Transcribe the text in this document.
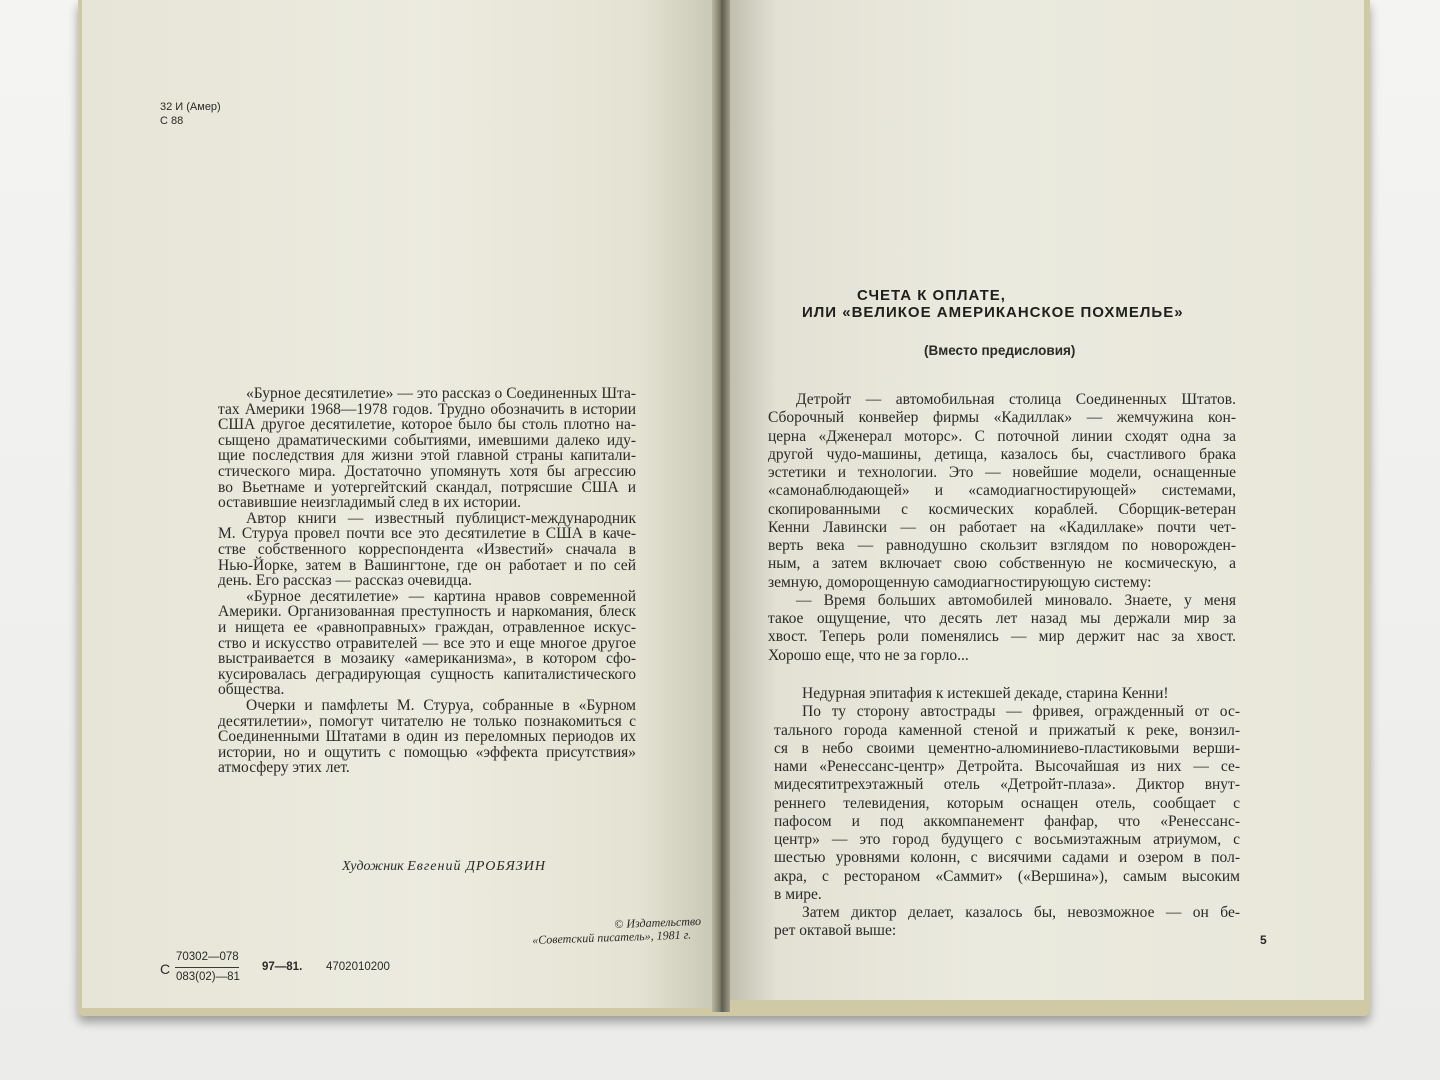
32 И (Амер)
С 88
«Бурное десятилетие» — это рассказ о Соединенных Шта-
тах Америки 1968—1978 годов. Трудно обозначить в истории
США другое десятилетие, которое было бы столь плотно на-
сыщено драматическими событиями, имевшими далеко иду-
щие последствия для жизни этой главной страны капитали-
стического мира. Достаточно упомянуть хотя бы агрессию
во Вьетнаме и уотергейтский скандал, потрясшие США и
оставившие неизгладимый след в их истории.
Автор книги — известный публицист-международник
М. Стуруа провел почти все это десятилетие в США в каче-
стве собственного корреспондента «Известий» сначала в
Нью-Йорке, затем в Вашингтоне, где он работает и по сей
день. Его рассказ — рассказ очевидца.
«Бурное десятилетие» — картина нравов современной
Америки. Организованная преступность и наркомания, блеск
и нищета ее «равноправных» граждан, отравленное искус-
ство и искусство отравителей — все это и еще многое другое
выстраивается в мозаику «американизма», в котором сфо-
кусировалась деградирующая сущность капиталистического
общества.
Очерки и памфлеты М. Стуруа, собранные в «Бурном
десятилетии», помогут читателю не только познакомиться с
Соединенными Штатами в один из переломных периодов их
истории, но и ощутить с помощью «эффекта присутствия»
атмосферу этих лет.
Художник Евгений ДРОБЯЗИН
© Издательство
«Советский писатель», 1981 г.
С
70302—078
083(02)—81
97—81. 4702010200
СЧЕТА К ОПЛАТЕ,
ИЛИ «ВЕЛИКОЕ АМЕРИКАНСКОЕ ПОХМЕЛЬЕ»
(Вместо предисловия)
Детройт — автомобильная столица Соединенных Штатов.
Сборочный конвейер фирмы «Кадиллак» — жемчужина кон-
церна «Дженерал моторс». С поточной линии сходят одна за
другой чудо-машины, детища, казалось бы, счастливого брака
эстетики и технологии. Это — новейшие модели, оснащенные
«самонаблюдающей» и «самодиагностирующей» системами,
скопированными с космических кораблей. Сборщик-ветеран
Кенни Лавински — он работает на «Кадиллаке» почти чет-
верть века — равнодушно скользит взглядом по новорожден-
ным, а затем включает свою собственную не космическую, а
земную, доморощенную самодиагностирующую систему:
— Время больших автомобилей миновало. Знаете, у меня
такое ощущение, что десять лет назад мы держали мир за
хвост. Теперь роли поменялись — мир держит нас за хвост.
Хорошо еще, что не за горло...
Недурная эпитафия к истекшей декаде, старина Кенни!
По ту сторону автострады — фривея, огражденный от ос-
тального города каменной стеной и прижатый к реке, вонзил-
ся в небо своими цементно-алюминиево-пластиковыми верши-
нами «Ренессанс-центр» Детройта. Высочайшая из них — се-
мидесятитрехэтажный отель «Детройт-плаза». Диктор внут-
реннего телевидения, которым оснащен отель, сообщает с
пафосом и под аккомпанемент фанфар, что «Ренессанс-
центр» — это город будущего с восьмиэтажным атриумом, с
шестью уровнями колонн, с висячими садами и озером в пол-
акра, с рестораном «Саммит» («Вершина»), самым высоким
в мире.
Затем диктор делает, казалось бы, невозможное — он бе-
рет октавой выше:
5
